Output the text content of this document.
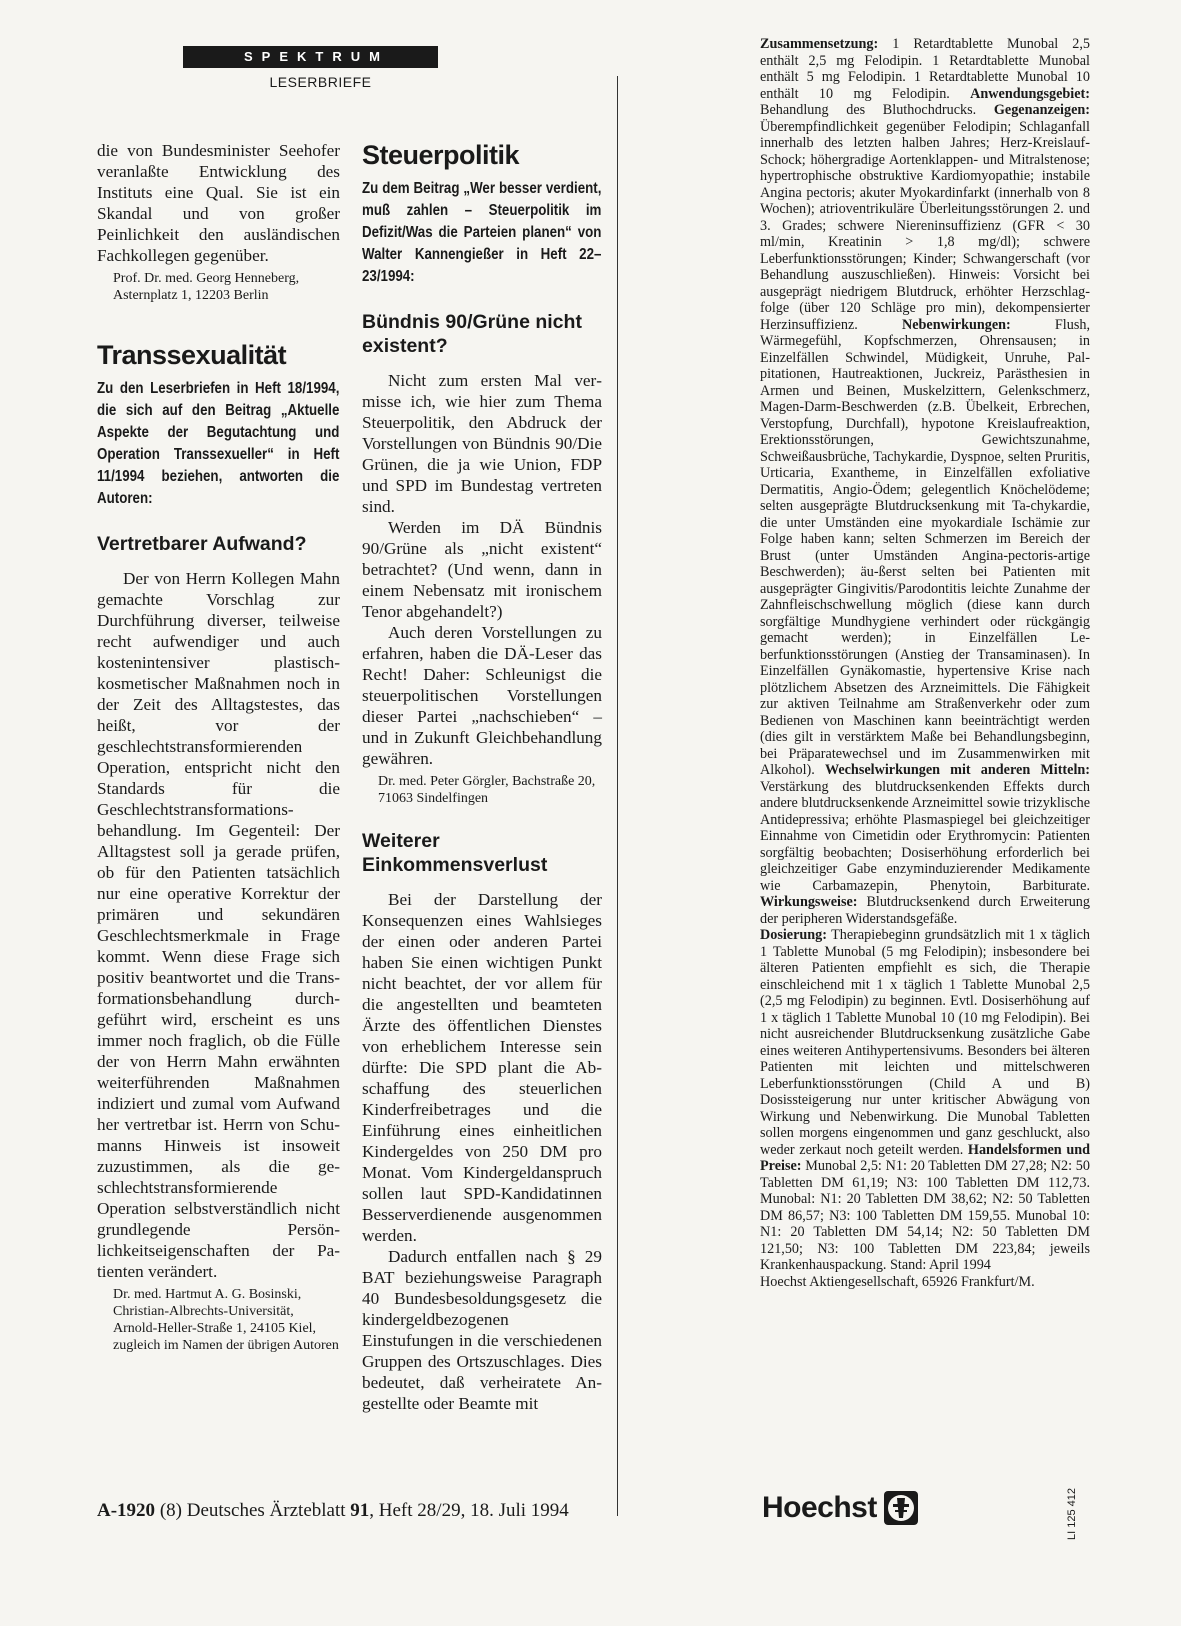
SPEKTRUM
LESERBRIEFE

die von Bundesminister Seehofer veranlaßte Entwicklung des Instituts eine Qual. Sie ist ein Skandal und von großer Peinlichkeit den ausländischen Fachkollegen gegenüber.

Prof. Dr. med. Georg Henneberg, Asternplatz 1, 12203 Berlin

Transsexualität

Zu den Leserbriefen in Heft 18/1994, die sich auf den Beitrag „Aktuelle Aspekte der Begutachtung und Operation Transsexueller“ in Heft 11/1994 beziehen, antworten die Autoren:

Vertretbarer Aufwand?

Der von Herrn Kollegen Mahn gemachte Vorschlag zur Durchführung diverser, teilweise recht aufwendiger und auch kostenintensiver plastisch-kosmetischer Maßnahmen noch in der Zeit des Alltagstestes, das heißt, vor der geschlechtstransformierenden Operation, entspricht nicht den Standards für die Geschlechtstransformationsbehandlung. Im Gegenteil: Der Alltagstest soll ja gerade prüfen, ob für den Patienten tatsächlich nur eine operative Korrektur der primären und sekundären Geschlechtsmerkmale in Frage kommt. Wenn diese Frage sich positiv beantwortet und die Transformationsbehandlung durchgeführt wird, erscheint es uns immer noch fraglich, ob die Fülle der von Herrn Mahn erwähnten weiterführenden Maßnahmen indiziert und zumal vom Aufwand her vertretbar ist. Herrn von Schumanns Hinweis ist insoweit zuzustimmen, als die geschlechtstransformierende Operation selbstverständlich nicht grundlegende Persönlichkeitseigenschaften der Patienten verändert.

Dr. med. Hartmut A. G. Bosinski, Christian-Albrechts-Universität, Arnold-Heller-Straße 1, 24105 Kiel, zugleich im Namen der übrigen Autoren

Steuerpolitik

Zu dem Beitrag „Wer besser verdient, muß zahlen – Steuerpolitik im Defizit/Was die Parteien planen“ von Walter Kannengießer in Heft 22–23/1994:

Bündnis 90/Grüne nicht existent?

Nicht zum ersten Mal vermisse ich, wie hier zum Thema Steuerpolitik, den Abdruck der Vorstellungen von Bündnis 90/Die Grünen, die ja wie Union, FDP und SPD im Bundestag vertreten sind.

Werden im DÄ Bündnis 90/Grüne als „nicht existent“ betrachtet? (Und wenn, dann in einem Nebensatz mit ironischem Tenor abgehandelt?)

Auch deren Vorstellungen zu erfahren, haben die DÄ-Leser das Recht! Daher: Schleunigst die steuerpolitischen Vorstellungen dieser Partei „nachschieben“ – und in Zukunft Gleichbehandlung gewähren.

Dr. med. Peter Görgler, Bachstraße 20, 71063 Sindelfingen

Weiterer Einkommensverlust

Bei der Darstellung der Konsequenzen eines Wahlsieges der einen oder anderen Partei haben Sie einen wichtigen Punkt nicht beachtet, der vor allem für die angestellten und beamteten Ärzte des öffentlichen Dienstes von erheblichem Interesse sein dürfte: Die SPD plant die Abschaffung des steuerlichen Kinderfreibetrages und die Einführung eines einheitlichen Kindergeldes von 250 DM pro Monat. Vom Kindergeldanspruch sollen laut SPD-Kandidatinnen Besserverdienende ausgenommen werden.

Dadurch entfallen nach § 29 BAT beziehungsweise Paragraph 40 Bundesbesoldungsgesetz die kindergeldbezogenen Einstufungen in die verschiedenen Gruppen des Ortszuschlages. Dies bedeutet, daß verheiratete Angestellte oder Beamte mit

Zusammensetzung: 1 Retardtablette Munobal 2,5 enthält 2,5 mg Felodipin. 1 Retardtablette Munobal enthält 5 mg Felodipin. 1 Retardtablette Munobal 10 enthält 10 mg Felodipin. Anwendungsgebiet: Behandlung des Bluthochdrucks. Gegenanzeigen: Überempfindlichkeit gegenüber Felodipin; Schlaganfall innerhalb des letzten halben Jahres; Herz-Kreislauf-Schock; höhergradige Aortenklappen- und Mitralstenose; hypertrophische obstruktive Kardiomyopathie; instabile Angina pectoris; akuter Myokardinfarkt (innerhalb von 8 Wochen); atrioventrikuläre Überleitungsstörungen 2. und 3. Grades; schwere Niereninsuffizienz (GFR < 30 ml/min, Kreatinin > 1,8 mg/dl); schwere Leberfunktionsstörungen; Kinder; Schwangerschaft (vor Behandlung auszuschließen). Hinweis: Vorsicht bei ausgeprägt niedrigem Blutdruck, erhöhter Herzschlagfolge (über 120 Schläge pro min), dekompensierter Herzinsuffizienz.	Nebenwirkungen:	Flush, Wärmegefühl, Kopfschmerzen, Ohrensausen; in Einzelfällen Schwindel, Müdigkeit, Unruhe, Palpitationen, Hautreaktionen, Juckreiz, Parästhesien in Armen und Beinen, Muskelzittern, Gelenkschmerz, Magen-Darm-Beschwerden (z.B. Übelkeit, Erbrechen, Verstopfung, Durchfall), hypotone Kreislaufreaktion, Erektionsstörungen, Gewichtszunahme, Schweißausbrüche, Tachykardie, Dyspnoe, selten Pruritis, Urticaria, Exantheme, in Einzelfällen exfoliative Dermatitis, Angio-Ödem; gelegentlich Knöchelödeme; selten ausgeprägte Blutdrucksenkung mit Ta-chykardie, die unter Umständen eine myokardiale Ischämie zur Folge haben kann; selten Schmerzen im Bereich der Brust (unter Umständen Angina-pectoris-artige Beschwerden); äu-ßerst selten bei Patienten mit ausgeprägter Gingivitis/Parodontitis leichte Zunahme der Zahnfleischschwellung möglich (diese kann durch sorgfältige Mundhygiene verhindert oder rückgängig gemacht werden); in Einzelfällen Leberfunktionsstörungen (Anstieg der Transaminasen). In Einzelfällen Gynäkomastie, hypertensive Krise nach plötzlichem Absetzen des Arzneimittels. Die Fähigkeit zur aktiven Teilnahme am Straßenverkehr oder zum Bedienen von Maschinen kann beeinträchtigt werden (dies gilt in verstärktem Maße bei Behandlungsbeginn, bei Präparatewechsel und im Zusammenwirken mit Alkohol). Wechselwirkungen mit anderen Mitteln: Verstärkung des blutdrucksenkenden Effekts durch andere blutdrucksenkende Arzneimittel sowie trizyklische Antidepressiva; erhöhte Plasmaspiegel bei gleichzeitiger Einnahme von Cimetidin oder Erythromycin: Patienten sorgfältig beobachten; Dosiserhöhung erforderlich bei gleichzeitiger Gabe enzyminduzierender Medikamente wie Carbamazepin, Phenytoin, Barbiturate. Wirkungsweise: Blutdrucksenkend durch Erweiterung der peripheren Widerstandsgefäße.
Dosierung: Therapiebeginn grundsätzlich mit 1 x täglich 1 Tablette Munobal (5 mg Felodipin); insbesondere bei älteren Patienten empfiehlt es sich, die Therapie einschleichend mit 1 x täglich 1 Tablette Munobal 2,5 (2,5 mg Felodipin) zu beginnen. Evtl. Dosiserhöhung auf 1 x täglich 1 Tablette Munobal 10 (10 mg Felodipin). Bei nicht ausreichender Blutdrucksenkung zusätzliche Gabe eines weiteren Antihypertensivums. Besonders bei älteren Patienten mit leichten und mittelschweren Leberfunktionsstörungen (Child A und B) Dosissteigerung nur unter kritischer Abwägung von Wirkung und Nebenwirkung. Die Munobal Tabletten sollen morgens eingenommen und ganz geschluckt, also weder zerkaut noch geteilt werden. Handelsformen und Preise: Munobal 2,5: N1: 20 Tabletten DM 27,28; N2: 50 Tabletten DM 61,19; N3: 100 Tabletten DM 112,73. Munobal: N1: 20 Tabletten DM 38,62; N2: 50 Tabletten DM 86,57; N3: 100 Tabletten DM 159,55. Munobal 10: N1: 20 Tabletten DM 54,14; N2: 50 Tabletten DM 121,50; N3: 100 Tabletten DM 223,84; jeweils Krankenhauspackung. Stand: April 1994
Hoechst Aktiengesellschaft, 65926 Frankfurt/M.
A-1920 (8) Deutsches Ärzteblatt 91, Heft 28/29, 18. Juli 1994	Hoechst	LI 125 412
